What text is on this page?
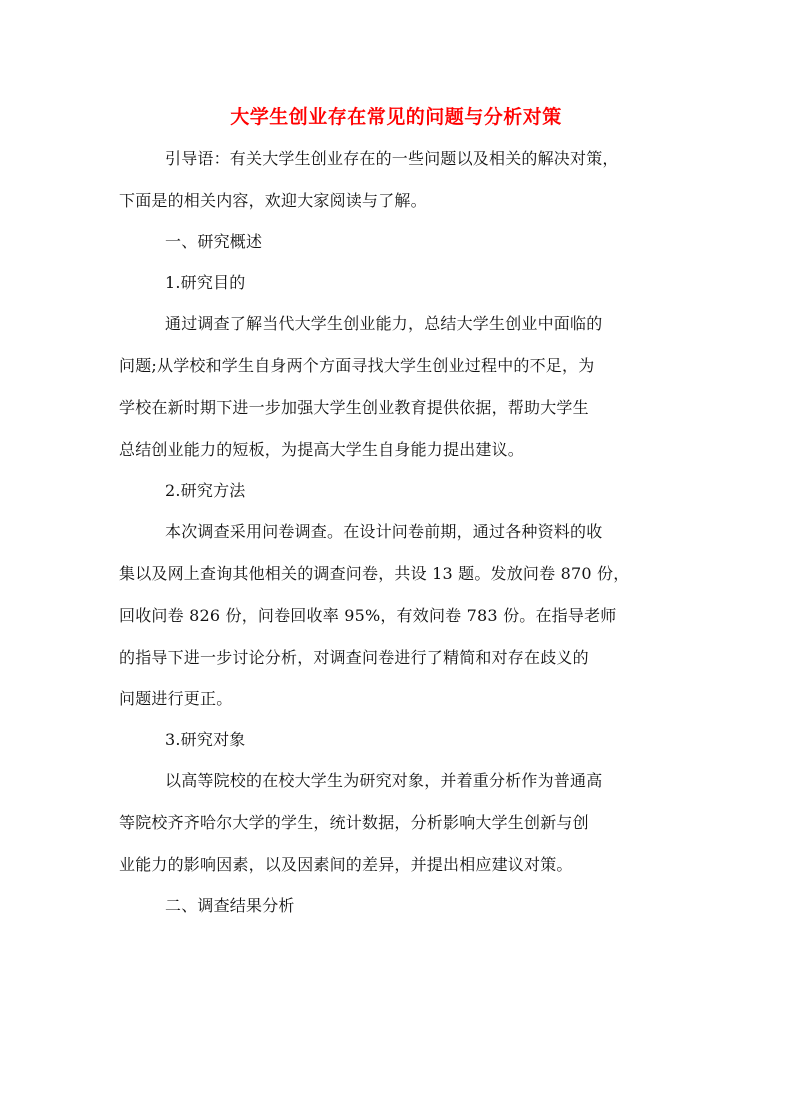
大学生创业存在常见的问题与分析对策
引导语：有关大学生创业存在的一些问题以及相关的解决对策，
下面是的相关内容，欢迎大家阅读与了解。
一、研究概述
1.研究目的
通过调查了解当代大学生创业能力，总结大学生创业中面临的
问题;从学校和学生自身两个方面寻找大学生创业过程中的不足，为
学校在新时期下进一步加强大学生创业教育提供依据，帮助大学生
总结创业能力的短板，为提高大学生自身能力提出建议。
2.研究方法
本次调查采用问卷调查。在设计问卷前期，通过各种资料的收
集以及网上查询其他相关的调查问卷，共设 13 题。发放问卷 870 份，
回收问卷 826 份，问卷回收率 95%，有效问卷 783 份。在指导老师
的指导下进一步讨论分析，对调查问卷进行了精简和对存在歧义的
问题进行更正。
3.研究对象
以高等院校的在校大学生为研究对象，并着重分析作为普通高
等院校齐齐哈尔大学的学生，统计数据，分析影响大学生创新与创
业能力的影响因素，以及因素间的差异，并提出相应建议对策。
二、调查结果分析
